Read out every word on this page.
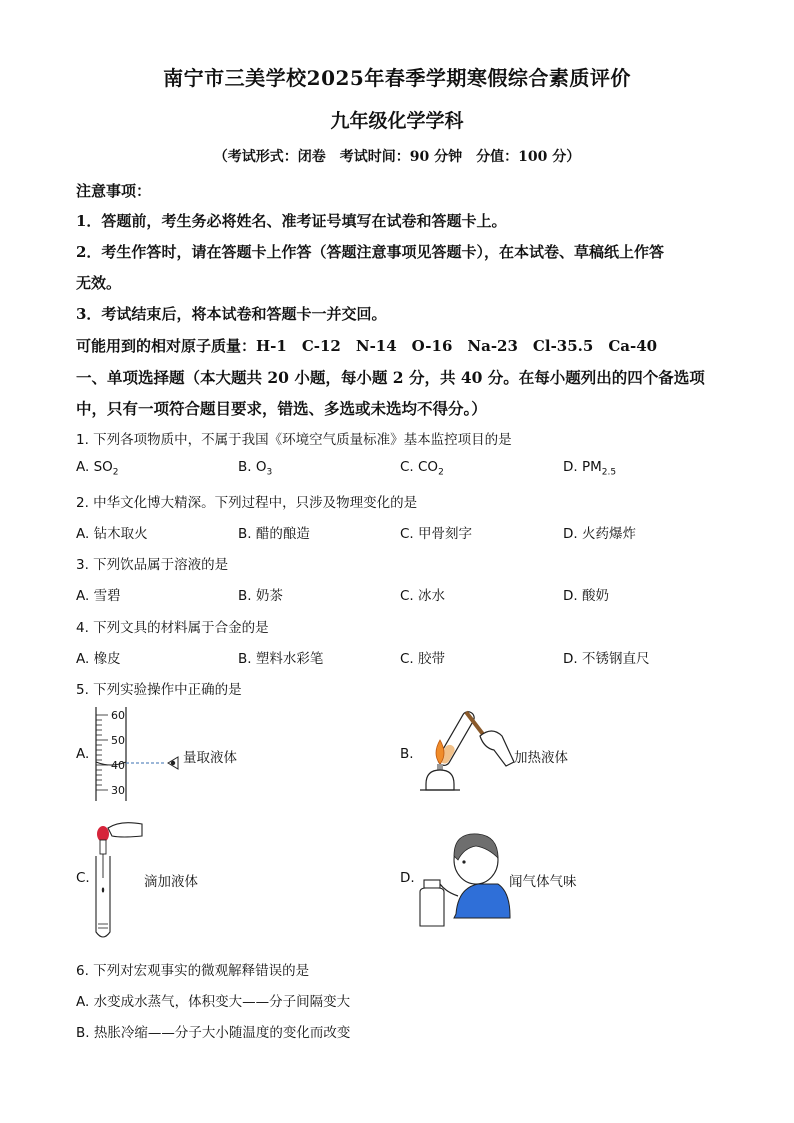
南宁市三美学校2025年春季学期寒假综合素质评价
九年级化学学科
（考试形式：闭卷　考试时间：90 分钟　分值：100 分）
注意事项：
1．答题前，考生务必将姓名、准考证号填写在试卷和答题卡上。
2．考生作答时，请在答题卡上作答（答题注意事项见答题卡），在本试卷、草稿纸上作答
无效。
3．考试结束后，将本试卷和答题卡一并交回。
可能用到的相对原子质量：H-1　C-12　N-14　O-16　Na-23　Cl-35.5　Ca-40
一、单项选择题（本大题共 20 小题，每小题 2 分，共 40 分。在每小题列出的四个备选项
中，只有一项符合题目要求，错选、多选或未选均不得分。）
1. 下列各项物质中，不属于我国《环境空气质量标准》基本监控项目的是
A. $SO_2$	B. $O_3$	C. $CO_2$	D. $PM_{2.5}$
2. 中华文化博大精深。下列过程中，只涉及物理变化的是
A. 钻木取火	B. 醋的酿造	C. 甲骨刻字	D. 火药爆炸
3. 下列饮品属于溶液的是
A. 雪碧	B. 奶茶	C. 冰水	D. 酸奶
4. 下列文具的材料属于合金的是
A. 橡皮	B. 塑料水彩笔	C. 胶带	D. 不锈钢直尺
5. 下列实验操作中正确的是
A.
60
50
40
30
量取液体	B.	加热液体
C.	滴加液体	D.	闻气体气味
6. 下列对宏观事实的微观解释错误的是
A. 水变成水蒸气，体积变大——分子间隔变大
B. 热胀冷缩——分子大小随温度的变化而改变
